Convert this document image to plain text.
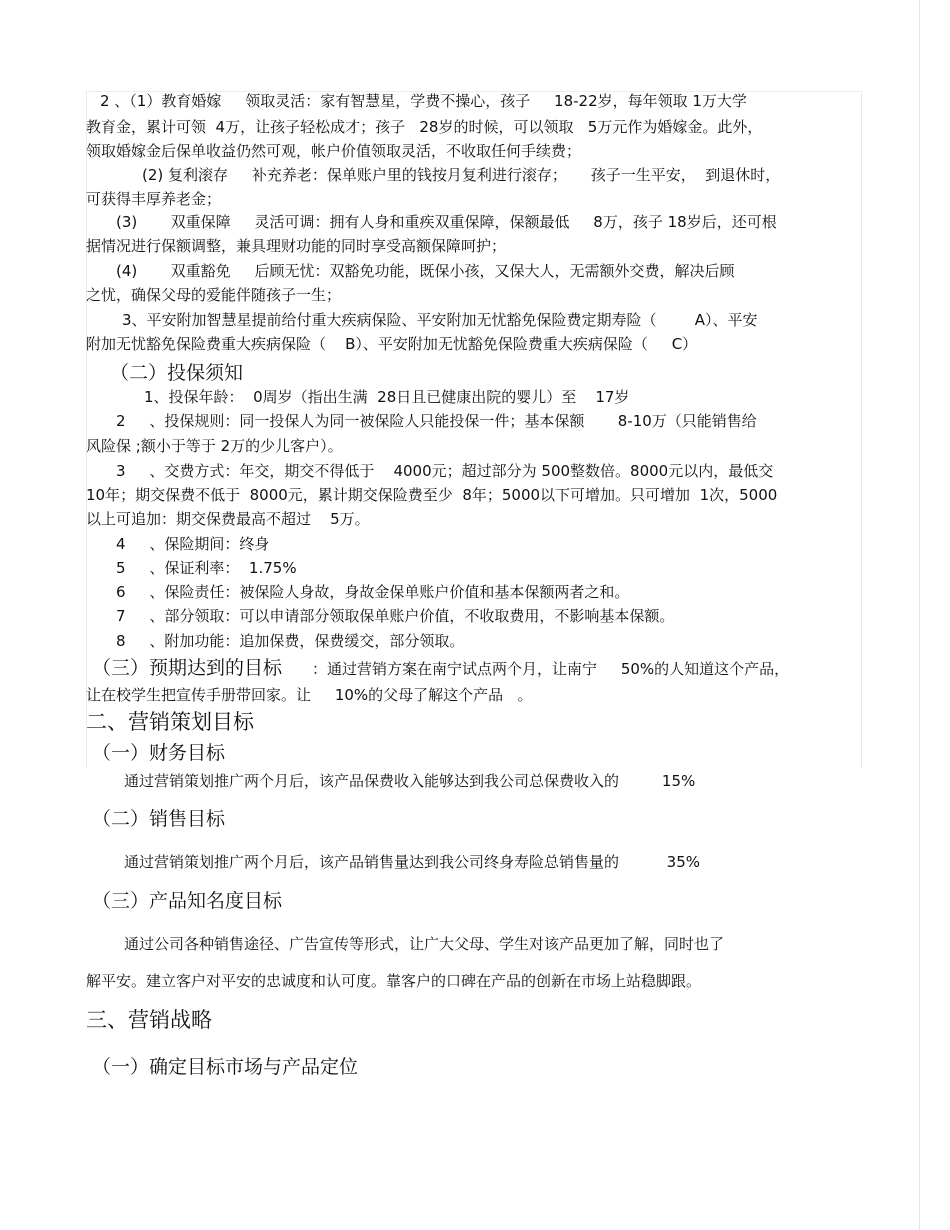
2 、（1）教育婚嫁     领取灵活：家有智慧星，学费不操心，孩子     18-22岁，每年领取 1万大学
教育金，累计可领  4万，让孩子轻松成才；孩子   28岁的时候，可以领取   5万元作为婚嫁金。此外，
领取婚嫁金后保单收益仍然可观，帐户价值领取灵活，不收取任何手续费；
(2) 复利滚存     补充养老：保单账户里的钱按月复利进行滚存；     孩子一生平安，  到退休时，
可获得丰厚养老金；
(3)       双重保障     灵活可调：拥有人身和重疾双重保障，保额最低     8万，孩子 18岁后，还可根
据情况进行保额调整，兼具理财功能的同时享受高额保障呵护；
(4)       双重豁免     后顾无忧：双豁免功能，既保小孩，又保大人，无需额外交费，解决后顾
之忧，确保父母的爱能伴随孩子一生；
3、平安附加智慧星提前给付重大疾病保险、平安附加无忧豁免保险费定期寿险（        A）、平安
附加无忧豁免保险费重大疾病保险（    B）、平安附加无忧豁免保险费重大疾病保险（     C）
（二）投保须知
1、投保年龄：  0周岁（指出生满  28日且已健康出院的婴儿）至    17岁
2     、投保规则：同一投保人为同一被保险人只能投保一件；基本保额       8-10万（只能销售给
风险保 ;额小于等于 2万的少儿客户）。
3     、交费方式：年交，期交不得低于    4000元；超过部分为 500整数倍。8000元以内，最低交
10年；期交保费不低于  8000元，累计期交保险费至少  8年；5000以下可增加。只可增加  1次，5000
以上可追加：期交保费最高不超过    5万。
4     、保险期间：终身
5     、保证利率：  1.75%
6     、保险责任：被保险人身故，身故金保单账户价值和基本保额两者之和。
7     、部分领取：可以申请部分领取保单账户价值，不收取费用，不影响基本保额。
8     、附加功能：追加保费，保费缓交，部分领取。
（三）预期达到的目标 ：通过营销方案在南宁试点两个月，让南宁     50%的人知道这个产品，
让在校学生把宣传手册带回家。让     10%的父母了解这个产品   。
二、营销策划目标
（一）财务目标
通过营销策划推广两个月后，该产品保费收入能够达到我公司总保费收入的         15%
（二）销售目标
通过营销策划推广两个月后，该产品销售量达到我公司终身寿险总销售量的          35%
（三）产品知名度目标
通过公司各种销售途径、广告宣传等形式，让广大父母、学生对该产品更加了解，同时也了
解平安。建立客户对平安的忠诚度和认可度。靠客户的口碑在产品的创新在市场上站稳脚跟。
三、营销战略
（一）确定目标市场与产品定位
